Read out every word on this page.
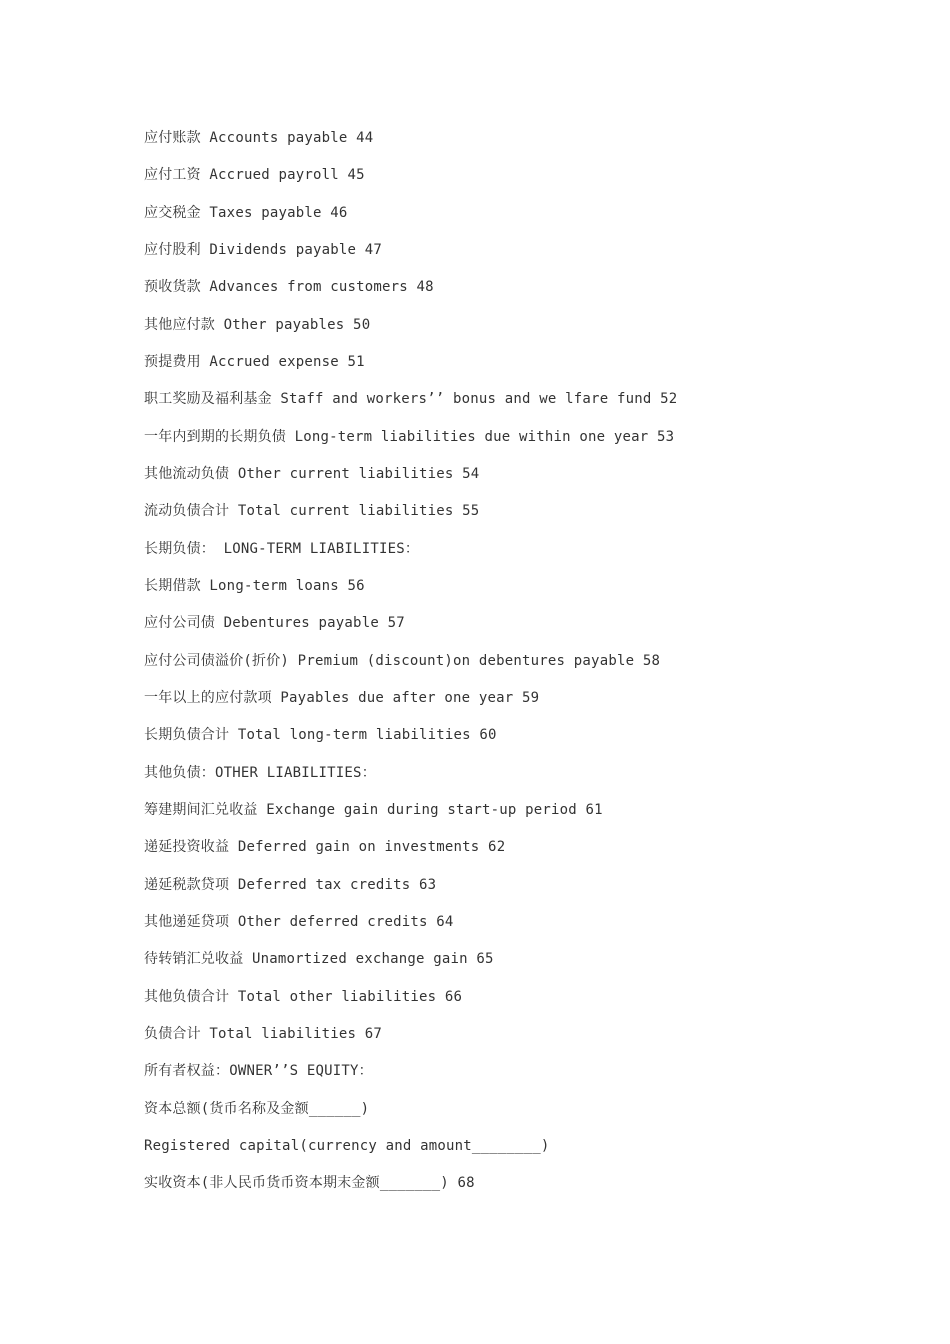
应付账款 Accounts payable 44
应付工资 Accrued payroll 45
应交税金 Taxes payable 46
应付股利 Dividends payable 47
预收货款 Advances from customers 48
其他应付款 Other payables 50
预提费用 Accrued expense 51
职工奖励及福利基金 Staff and workers’’ bonus and we lfare fund 52
一年内到期的长期负债 Long-term liabilities due within one year 53
其他流动负债 Other current liabilities 54
流动负债合计 Total current liabilities 55
长期负债： LONG-TERM LIABILITIES：
长期借款 Long-term loans 56
应付公司债 Debentures payable 57
应付公司债溢价(折价) Premium (discount)on debentures payable 58
一年以上的应付款项 Payables due after one year 59
长期负债合计 Total long-term liabilities 60
其他负债：OTHER LIABILITIES：
筹建期间汇兑收益 Exchange gain during start-up period 61
递延投资收益 Deferred gain on investments 62
递延税款贷项 Deferred tax credits 63
其他递延贷项 Other deferred credits 64
待转销汇兑收益 Unamortized exchange gain 65
其他负债合计 Total other liabilities 66
负债合计 Total liabilities 67
所有者权益：OWNER’’S EQUITY：
资本总额(货币名称及金额______)
Registered capital(currency and amount________)
实收资本(非人民币货币资本期末金额_______) 68
